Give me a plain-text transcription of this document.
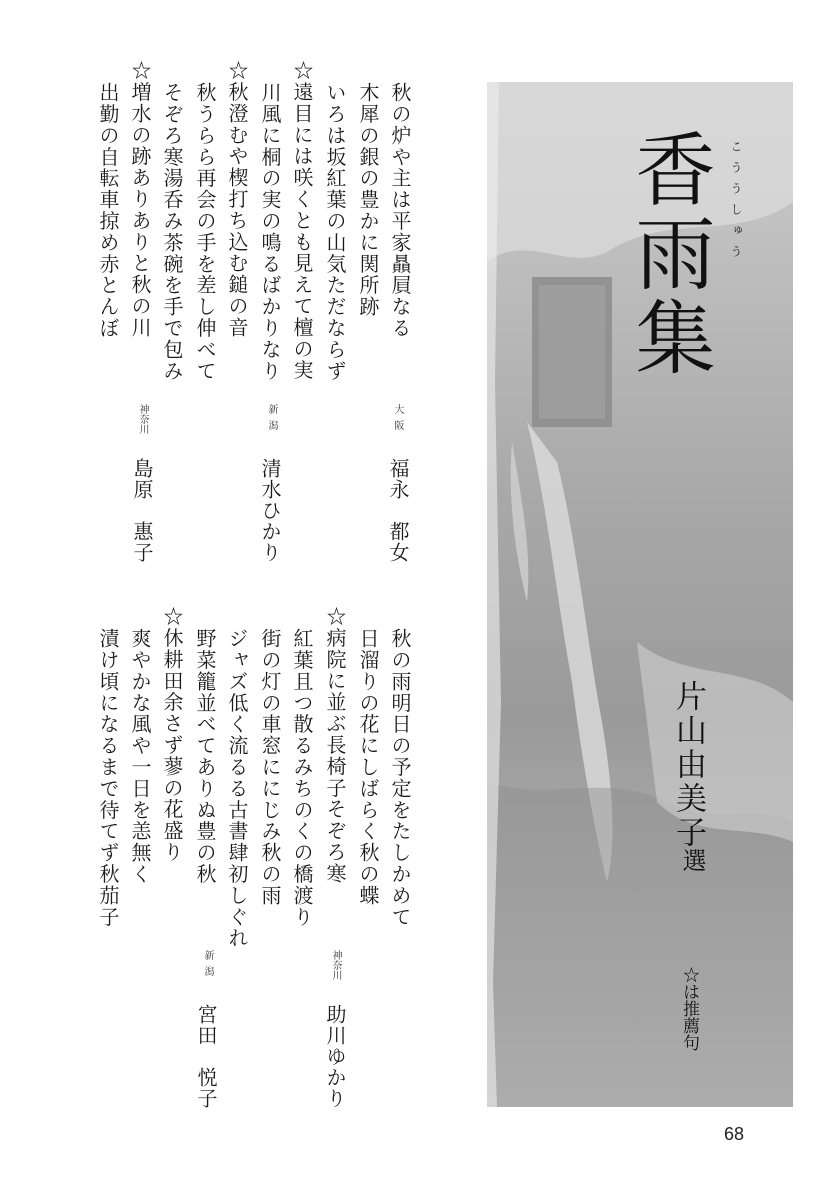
香雨集 こううしゅう
片山由美子
選
☆は推薦句
秋の炉や主は平家贔屓なる
木犀の銀の豊かに関所跡
いろは坂紅葉の山気ただならず
☆遠目には咲くとも見えて檀の実
川風に桐の実の鳴るばかりなり
大阪
福永　都女
☆秋澄むや楔打ち込む鎚の音
秋うらら再会の手を差し伸べて
そぞろ寒湯呑み茶碗を手で包み
☆増水の跡ありありと秋の川
出勤の自転車掠め赤とんぼ
新潟
清水ひかり
神奈川
島原　惠子
秋の雨明日の予定をたしかめて
日溜りの花にしばらく秋の蝶
☆病院に並ぶ長椅子そぞろ寒
紅葉且つ散るみちのくの橋渡り
街の灯の車窓ににじみ秋の雨
神奈川
助川ゆかり
ジャズ低く流るる古書肆初しぐれ
野菜籠並べてありぬ豊の秋
☆休耕田余さず蓼の花盛り
爽やかな風や一日を恙無く
漬け頃になるまで待てず秋茄子
新潟
宮田　悦子
68
